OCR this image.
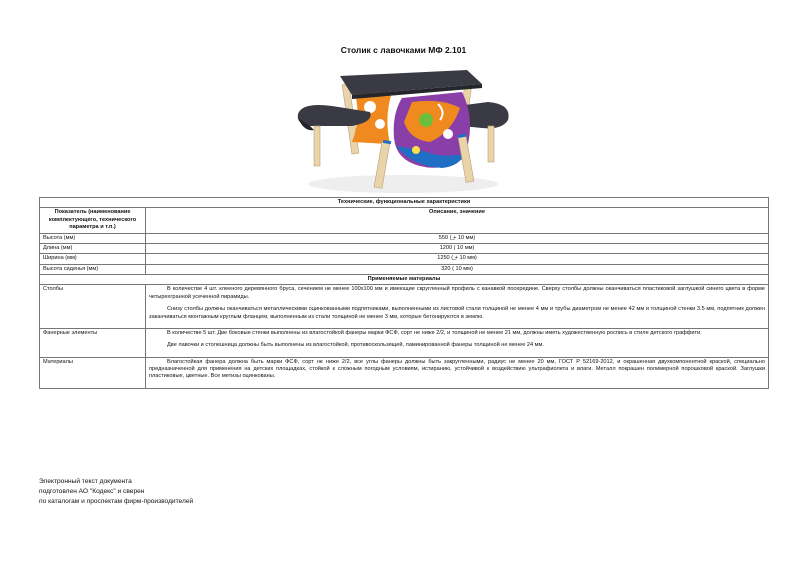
Столик с лавочками МФ 2.101
Технические, функциональные характеристики	
Показатель (наименование комплектующего, технического параметра и т.п.)	Описание, значение
Высота (мм)	550 ( ̲+ 10 мм)
Длина (мм)	1200 ( 10 мм)
Ширина (мм)	1250 ( ̲+ 10 мм)
Высота сиденья (мм)	320 ( 10 мм)
Применяемые материалы	
Столбы	В количестве 4 шт. клееного деревянного бруса, сечением не менее 100х100 мм и имеющие скругленный профиль с канавкой посередине. Сверху столбы должны оканчиваться пластиковой заглушкой синего цвета в форме четырехгранной усеченной пирамиды.

Снизу столбы должны оканчиваться металлическими оцинкованными подпятниками, выполненными из листовой стали толщиной не менее 4 мм и трубы диаметром не менее 42 мм и толщиной стенки 3.5 мм, подпятник должен заканчиваться монтажным круглым фланцем, выполненным из стали толщиной не менее 3 мм, которые бетонируются в землю.

Фанерные элементы	В количестве 5 шт. Две боковые стенки выполнены из влагостойкой фанеры марки ФСФ, сорт не ниже 2/2, и толщиной не менее 21 мм, должны иметь художественную роспись в стиле детского граффити.

Две лавочки и столешница должны быть выполнены из влагостойкой, противоскользящей, ламинированной фанеры толщиной не менее 24 мм.

Материалы	Влагостойкая фанера должна быть марки ФСФ, сорт не ниже 2/2, все углы фанеры должны быть закругленными, радиус не менее 20 мм, ГОСТ Р 52169-2012, и окрашенная двухкомпонентной краской, специально предназначенной для применения на детских площадках, стойкой к сложным погодным условиям, истиранию, устойчивой к воздействию ультрафиолета и влаги. Металл покрашен полимерной порошковой краской. Заглушки пластиковые, цветные. Все метизы оцинкованы.

Электронный текст документа
подготовлен АО "Кодекс" и сверен
по каталогам и проспектам фирм-производителей
